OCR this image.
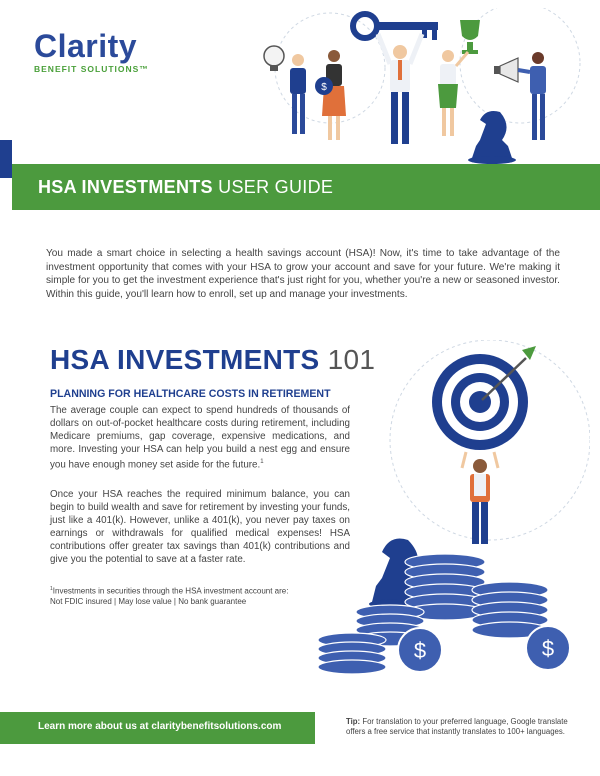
Clarity
BENEFIT SOLUTIONS™
$
HSA INVESTMENTS USER GUIDE
You made a smart choice in selecting a health savings account (HSA)! Now, it's time to take advantage of the investment opportunity that comes with your HSA to grow your account and save for your future. We're making it simple for you to get the investment experience that's just right for you, whether you're a new or seasoned investor. Within this guide, you'll learn how to enroll, set up and manage your investments.
HSA INVESTMENTS 101
PLANNING FOR HEALTHCARE COSTS IN RETIREMENT
The average couple can expect to spend hundreds of thousands of dollars on out-of-pocket healthcare costs during retirement, including Medicare premiums, gap coverage, expensive medications, and more. Investing your HSA can help you build a nest egg and ensure you have enough money set aside for the future.$^1$
Once your HSA reaches the required minimum balance, you can begin to build wealth and save for retirement by investing your funds, just like a 401(k). However, unlike a 401(k), you never pay taxes on earnings or withdrawals for qualified medical expenses! HSA contributions offer greater tax savings than 401(k) contributions and give you the potential to save at a faster rate.
$^1$Investments in securities through the HSA investment account are:
Not FDIC insured | May lose value | No bank guarantee
$	$
Learn more about us at claritybenefitsolutions.com	Tip: For translation to your preferred language, Google translate offers a free service that instantly translates to 100+ languages.
